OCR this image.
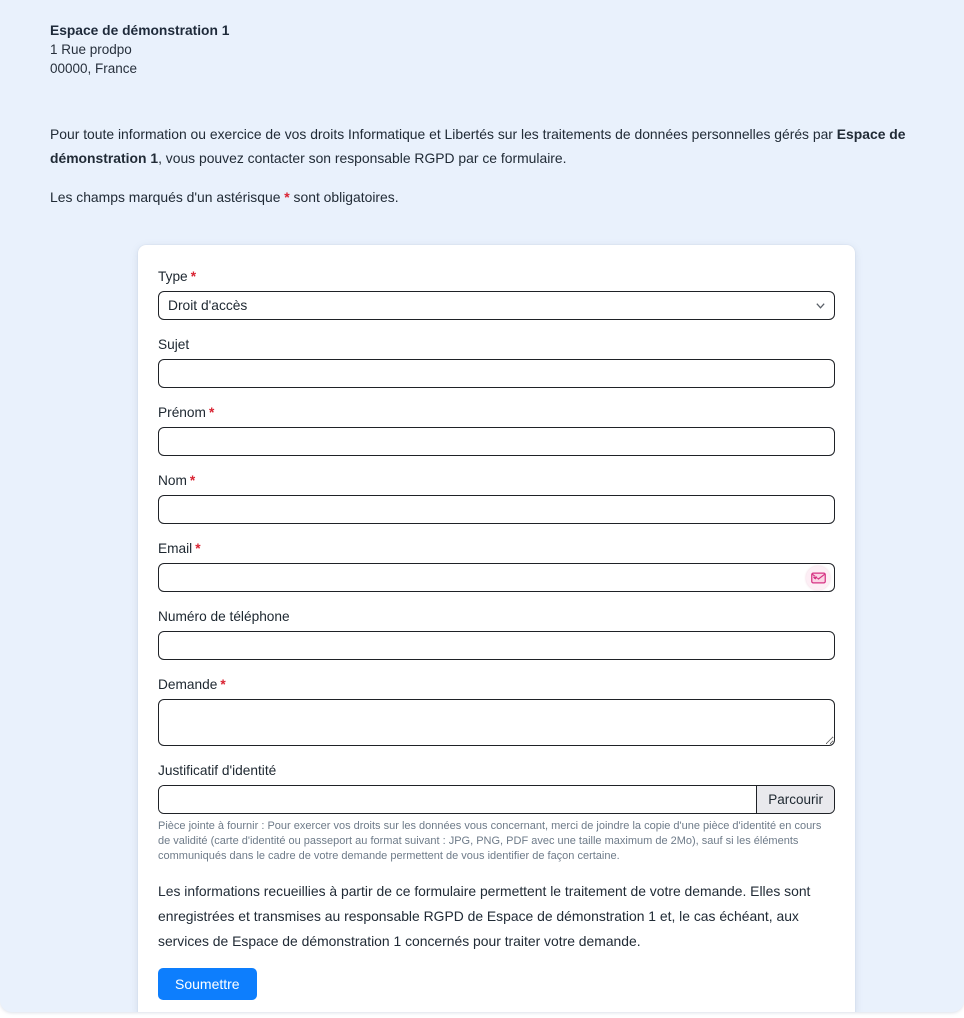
Espace de démonstration 1
1 Rue prodpo
00000, France
Pour toute information ou exercice de vos droits Informatique et Libertés sur les traitements de données personnelles gérés par Espace de démonstration 1, vous pouvez contacter son responsable RGPD par ce formulaire.
Les champs marqués d'un astérisque * sont obligatoires.
Type *
Droit d'accès
Sujet
Prénom *
Nom *
Email *
Numéro de téléphone
Demande *
Justificatif d'identité
Parcourir
Pièce jointe à fournir : Pour exercer vos droits sur les données vous concernant, merci de joindre la copie d'une pièce d'identité en cours de validité (carte d'identité ou passeport au format suivant : JPG, PNG, PDF avec une taille maximum de 2Mo), sauf si les éléments communiqués dans le cadre de votre demande permettent de vous identifier de façon certaine.
Les informations recueillies à partir de ce formulaire permettent le traitement de votre demande. Elles sont enregistrées et transmises au responsable RGPD de Espace de démonstration 1 et, le cas échéant, aux services de Espace de démonstration 1 concernés pour traiter votre demande.
Soumettre
